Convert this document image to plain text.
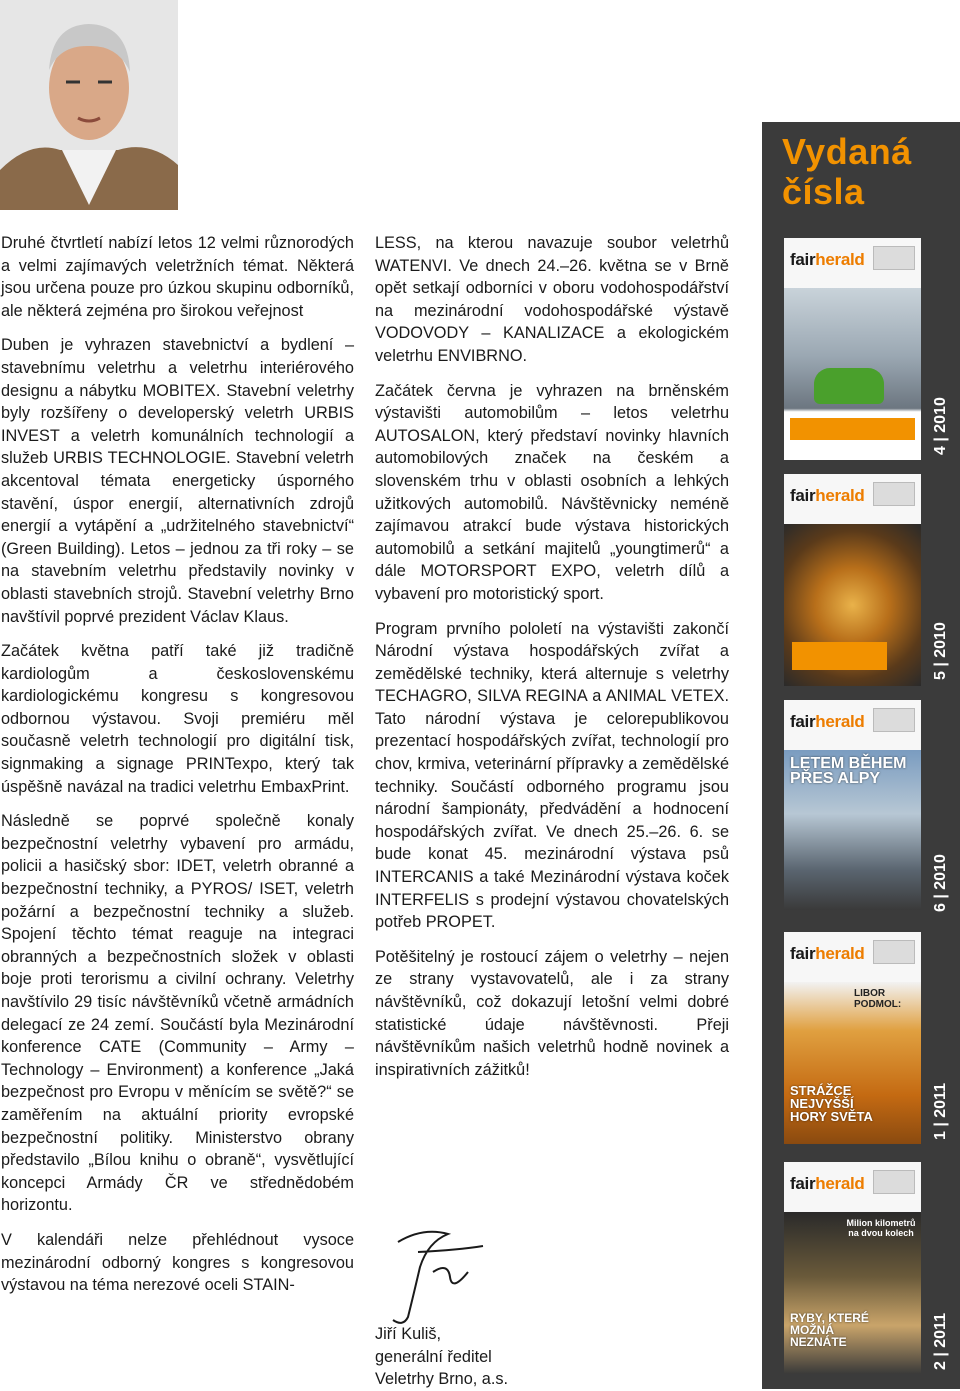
Druhé čtvrtletí nabízí letos 12 velmi různorodých a velmi zajímavých veletržních témat. Některá jsou určena pouze pro úzkou skupinu odborníků, ale některá zejména pro širokou veřejnost

Duben je vyhrazen stavebnictví a bydlení – stavebnímu veletrhu a veletrhu interiérového designu a nábytku MOBITEX. Stavební veletrhy byly rozšířeny o developerský veletrh URBIS INVEST a veletrh komunálních technologií a služeb URBIS TECHNOLOGIE. Stavební veletrh akcentoval témata energeticky úsporného stavění, úspor energií, alternativních zdrojů energií a vytápění a „udržitelného stavebnictví“ (Green Building). Letos – jednou za tři roky – se na stavebním veletrhu představily novinky v oblasti stavebních strojů. Stavební veletrhy Brno navštívil poprvé prezident Václav Klaus.

Začátek května patří také již tradičně kardiologům a československému kardiologickému kongresu s kongresovou odbornou výstavou. Svoji premiéru měl současně veletrh technologií pro digitální tisk, signmaking a signage PRINTexpo, který tak úspěšně navázal na tradici veletrhu EmbaxPrint.

Následně se poprvé společně konaly bezpečnostní veletrhy vybavení pro armádu, policii a hasičský sbor: IDET, veletrh obranné a bezpečnostní techniky, a PYROS/ ISET, veletrh požární a bezpečnostní techniky a služeb. Spojení těchto témat reaguje na integraci obranných a bezpečnostních složek v oblasti boje proti terorismu a civilní ochrany. Veletrhy navštívilo 29 tisíc návštěvníků včetně armádních delegací ze 24 zemí. Součástí byla Mezinárodní konference CATE (Community – Army – Technology – Environment) a konference „Jaká bezpečnost pro Evropu v měnícím se světě?“ se zaměřením na aktuální priority evropské bezpečnostní politiky. Ministerstvo obrany představilo „Bílou knihu o obraně“, vysvětlující koncepci Armády ČR ve střednědobém horizontu.

V kalendáři nelze přehlédnout vysoce mezinárodní odborný kongres s kongresovou výstavou na téma nerezové oceli STAIN-

LESS, na kterou navazuje soubor veletrhů WATENVI. Ve dnech 24.–26. května se v Brně opět setkají odborníci v oboru vodohospodářství na mezinárodní vodohospodářské výstavě VODOVODY – KANALIZACE a ekologickém veletrhu ENVIBRNO.

Začátek června je vyhrazen na brněnském výstavišti automobilům – letos veletrhu AUTOSALON, který představí novinky hlavních automobilových značek na českém a slovenském trhu v oblasti osobních a lehkých užitkových automobilů. Návštěvnicky neméně zajímavou atrakcí bude výstava historických automobilů a setkání majitelů „youngtimerů“ a dále MOTORSPORT EXPO, veletrh dílů a vybavení pro motoristický sport.

Program prvního pololetí na výstavišti zakončí Národní výstava hospodářských zvířat a zemědělské techniky, která alternuje s veletrhy TECHAGRO, SILVA REGINA a ANIMAL VETEX. Tato národní výstava je celorepublikovou prezentací hospodářských zvířat, technologií pro chov, krmiva, veterinární přípravky a zemědělské techniky. Součástí odborného programu jsou národní šampionáty, předvádění a hodnocení hospodářských zvířat. Ve dnech 25.–26. 6. se bude konat 45. mezinárodní výstava psů INTERCANIS a také Mezinárodní výstava koček INTERFELIS s prodejní výstavou chovatelských potřeb PROPET.

Potěšitelný je rostoucí zájem o veletrhy – nejen ze strany vystavovatelů, ale i za strany návštěvníků, což dokazují letošní velmi dobré statistické údaje návštěvnosti. Přeji návštěvníkům našich veletrhů hodně novinek a inspirativních zážitků!

Jiří Kuliš,
generální ředitel
Veletrhy Brno, a.s.
Vydaná
čísla
fairherald
fairherald
fairherald
LETEM BĚHEM PŘES ALPY
fairherald
LIBOR PODMOL:
STRÁŽCE NEJVYŠŠÍ HORY SVĚTA
fairherald
Milion kilometrů na dvou kolech
RYBY, KTERÉ MOŽNÁ NEZNÁTE
4 | 2010
5 | 2010
6 | 2010
1 | 2011
2 | 2011
